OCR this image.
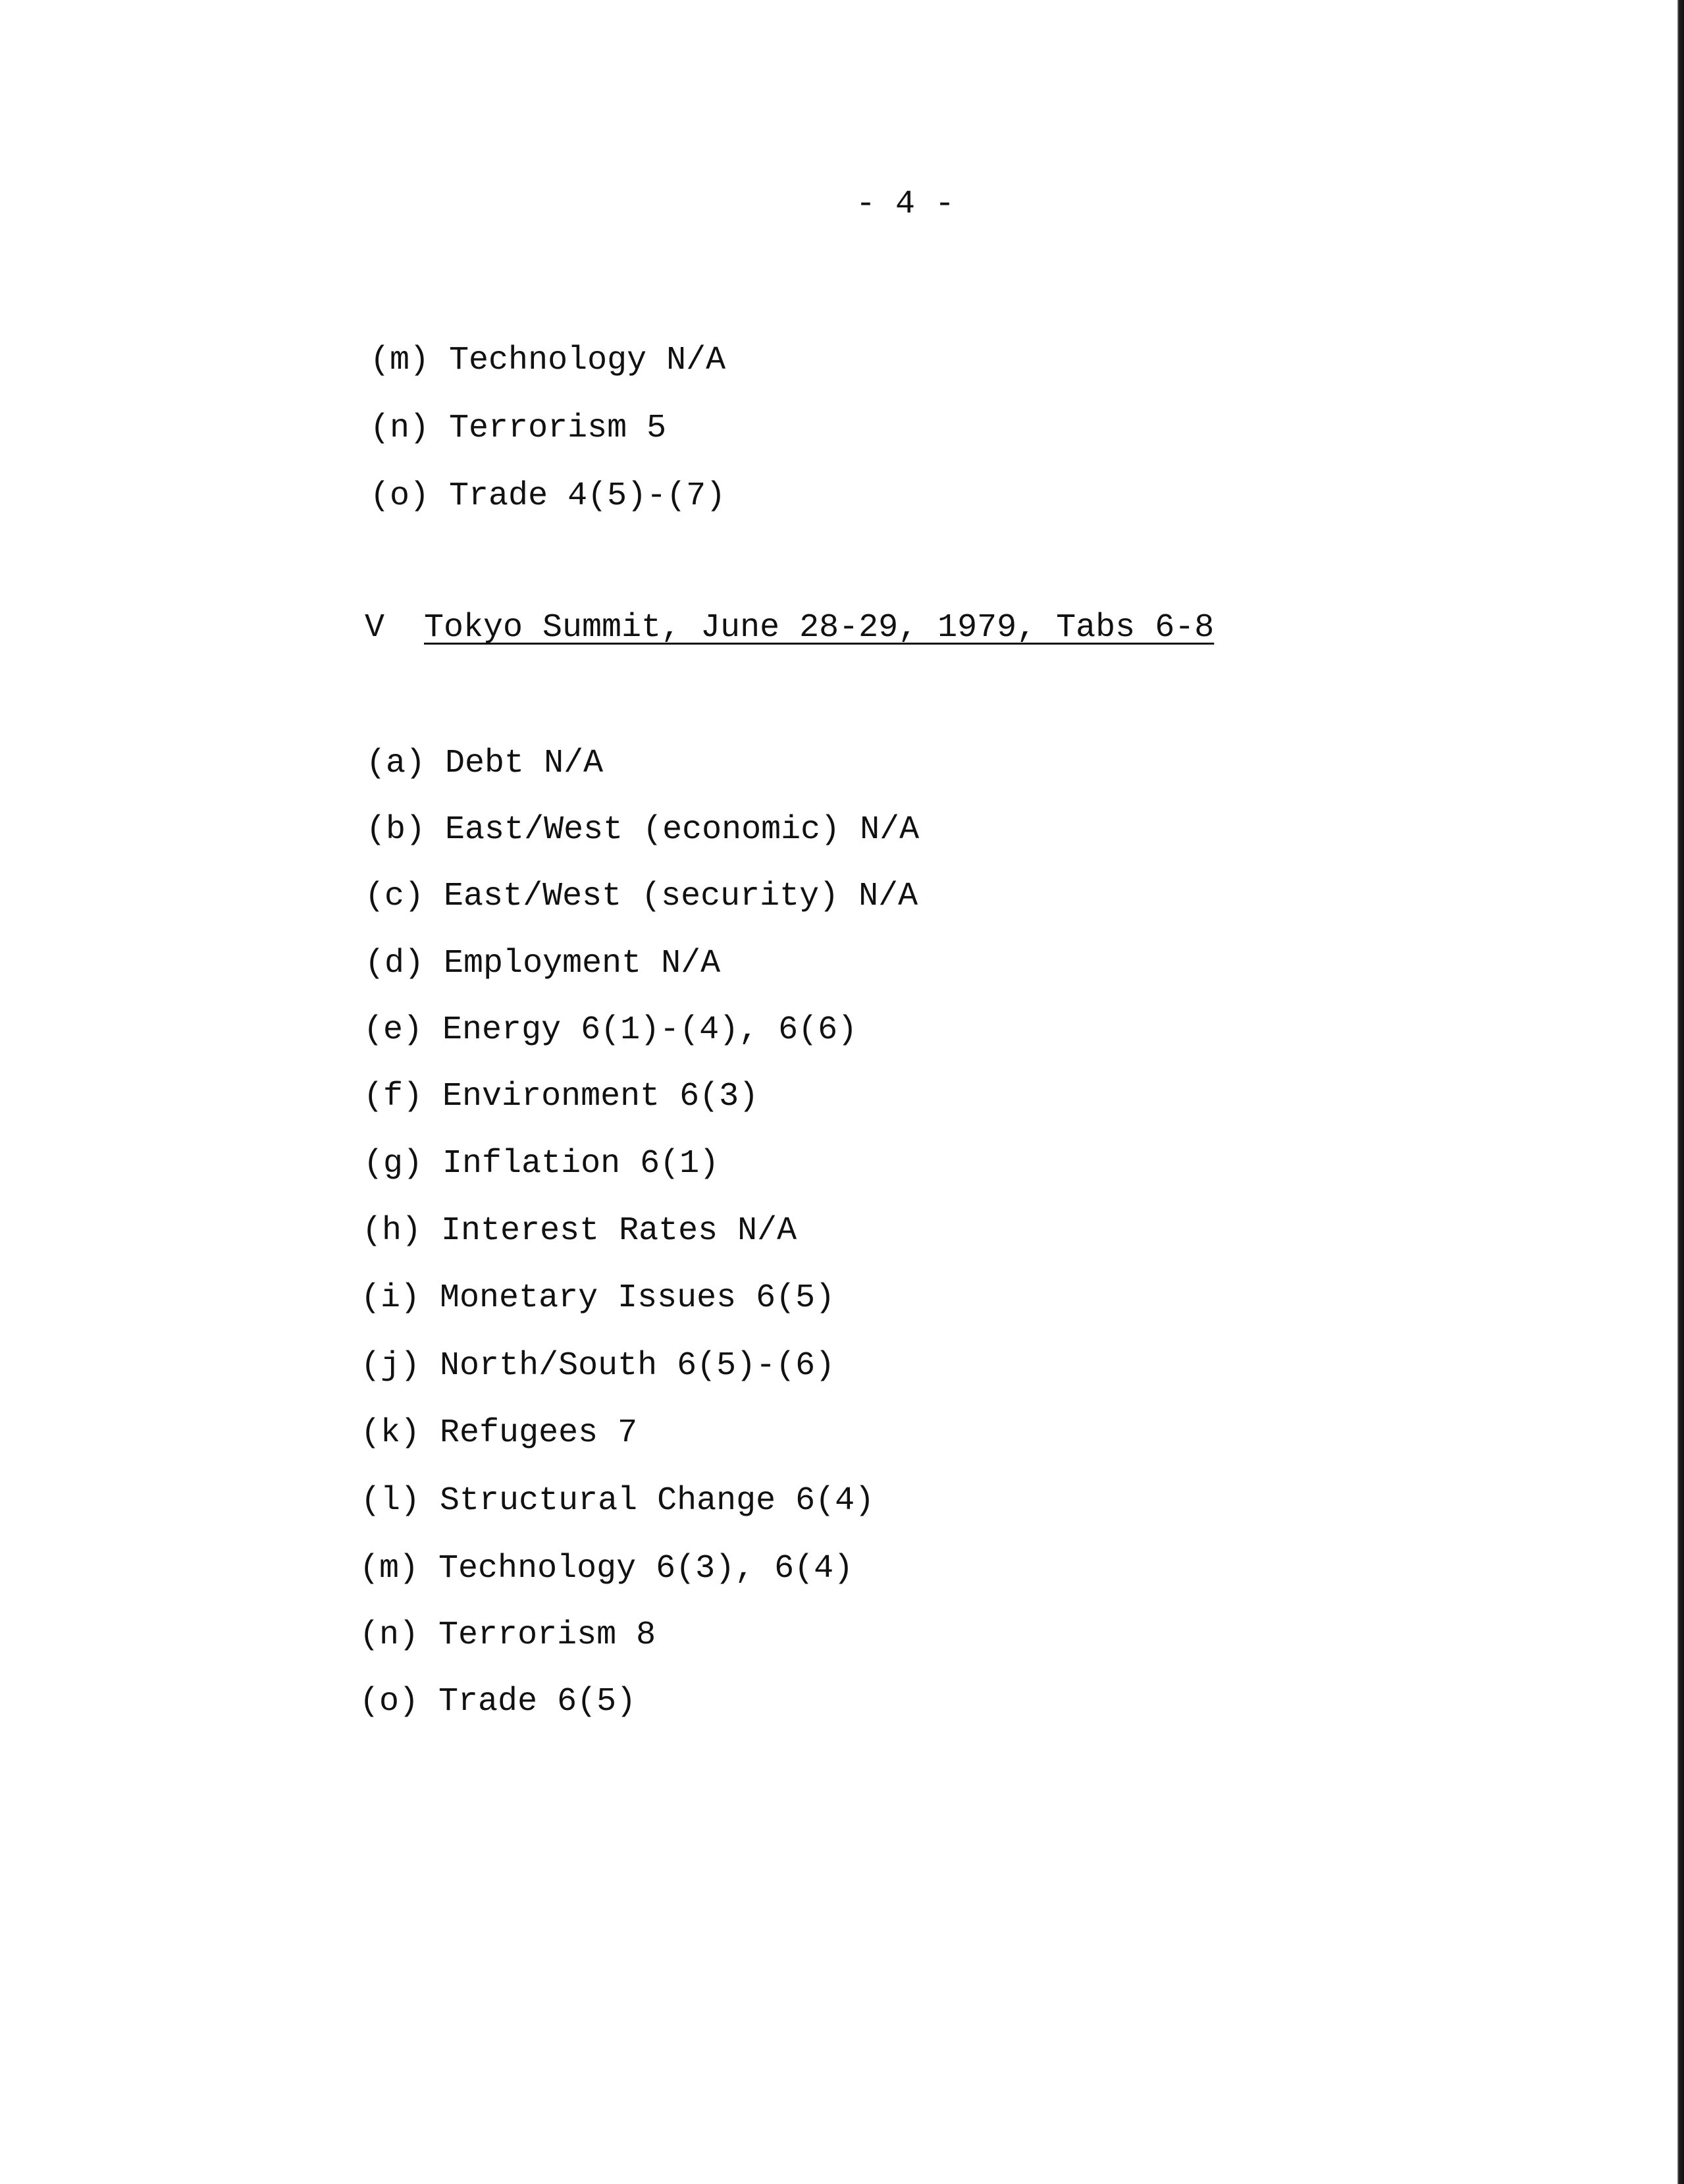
- 4 -

(m) Technology N/A

(n) Terrorism 5

(o) Trade 4(5)-(7)

V Tokyo Summit, June 28-29, 1979, Tabs 6-8

(a) Debt N/A

(b) East/West (economic) N/A

(c) East/West (security) N/A

(d) Employment N/A

(e) Energy 6(1)-(4), 6(6)

(f) Environment 6(3)

(g) Inflation 6(1)

(h) Interest Rates N/A

(i) Monetary Issues 6(5)

(j) North/South 6(5)-(6)

(k) Refugees 7

(l) Structural Change 6(4)

(m) Technology 6(3), 6(4)

(n) Terrorism 8

(o) Trade 6(5)
